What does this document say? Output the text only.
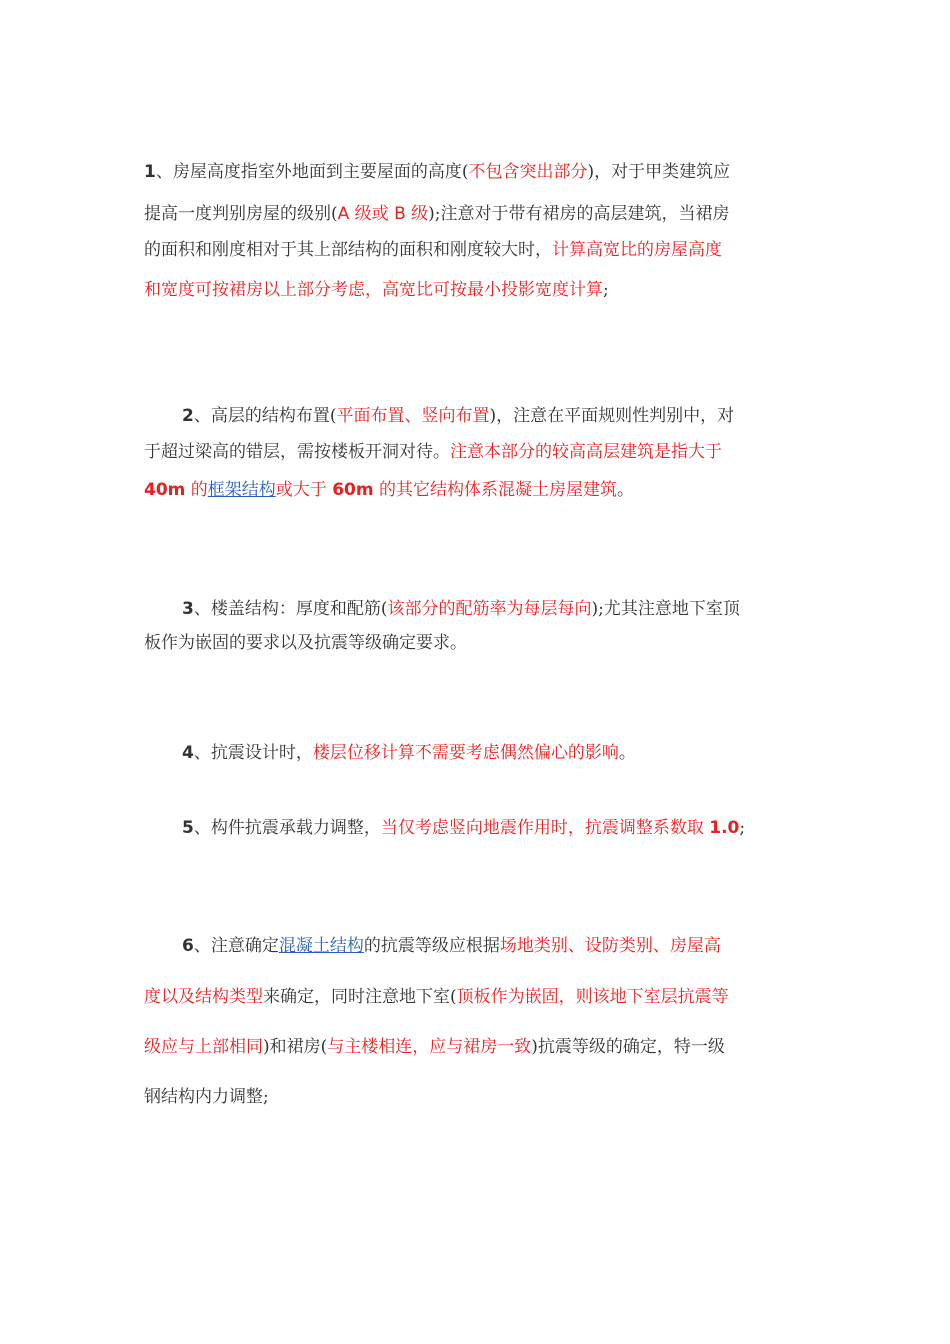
1、房屋高度指室外地面到主要屋面的高度(不包含突出部分)，对于甲类建筑应
提高一度判别房屋的级别(A 级或 B 级);注意对于带有裙房的高层建筑，当裙房
的面积和刚度相对于其上部结构的面积和刚度较大时，计算高宽比的房屋高度
和宽度可按裙房以上部分考虑，高宽比可按最小投影宽度计算;
2、高层的结构布置(平面布置、竖向布置)，注意在平面规则性判别中，对
于超过梁高的错层，需按楼板开洞对待。注意本部分的较高高层建筑是指大于
40m 的框架结构或大于 60m 的其它结构体系混凝土房屋建筑。
3、楼盖结构：厚度和配筋(该部分的配筋率为每层每向);尤其注意地下室顶
板作为嵌固的要求以及抗震等级确定要求。
4、抗震设计时，楼层位移计算不需要考虑偶然偏心的影响。
5、构件抗震承载力调整，当仅考虑竖向地震作用时，抗震调整系数取 1.0;
6、注意确定混凝土结构的抗震等级应根据场地类别、设防类别、房屋高
度以及结构类型来确定，同时注意地下室(顶板作为嵌固，则该地下室层抗震等
级应与上部相同)和裙房(与主楼相连，应与裙房一致)抗震等级的确定，特一级
钢结构内力调整;
